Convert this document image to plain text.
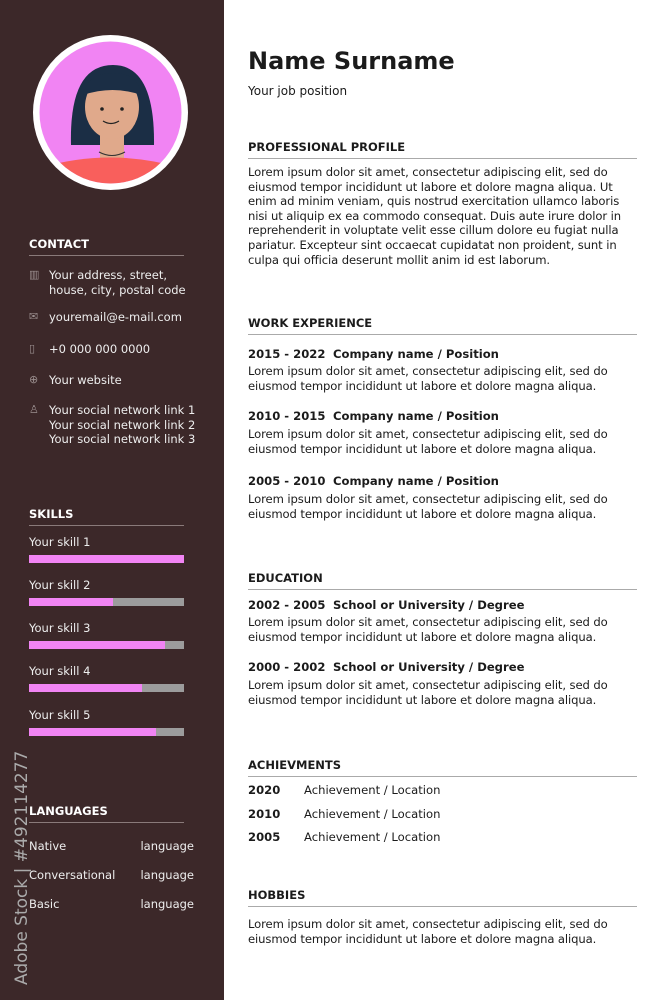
CONTACT
▥ Your address, street,
house, city, postal code
✉ youremail@e-mail.com
▯	+0 000 000 0000
⊕ Your website
♙ Your social network link 1
Your social network link 2
Your social network link 3
SKILLS
Your skill 1
Your skill 2
Your skill 3
Your skill 4
Your skill 5
LANGUAGES
Native	language
Conversational language
Basic	language
Adobe Stock | #492114277
Name Surname
Your job position
PROFESSIONAL PROFILE
Lorem ipsum dolor sit amet, consectetur adipiscing elit, sed do
eiusmod tempor incididunt ut labore et dolore magna aliqua. Ut
enim ad minim veniam, quis nostrud exercitation ullamco laboris
nisi ut aliquip ex ea commodo consequat. Duis aute irure dolor in
reprehenderit in voluptate velit esse cillum dolore eu fugiat nulla
pariatur. Excepteur sint occaecat cupidatat non proident, sunt in
culpa qui officia deserunt mollit anim id est laborum.
WORK EXPERIENCE
2015 - 2022 Company name / Position
Lorem ipsum dolor sit amet, consectetur adipiscing elit, sed do
eiusmod tempor incididunt ut labore et dolore magna aliqua.
2010 - 2015 Company name / Position
Lorem ipsum dolor sit amet, consectetur adipiscing elit, sed do
eiusmod tempor incididunt ut labore et dolore magna aliqua.
2005 - 2010 Company name / Position
Lorem ipsum dolor sit amet, consectetur adipiscing elit, sed do
eiusmod tempor incididunt ut labore et dolore magna aliqua.
EDUCATION
2002 - 2005 School or University / Degree
Lorem ipsum dolor sit amet, consectetur adipiscing elit, sed do
eiusmod tempor incididunt ut labore et dolore magna aliqua.
2000 - 2002 School or University / Degree
Lorem ipsum dolor sit amet, consectetur adipiscing elit, sed do
eiusmod tempor incididunt ut labore et dolore magna aliqua.
ACHIEVMENTS
2020	Achievement / Location
2010	Achievement / Location
2005	Achievement / Location
HOBBIES
Lorem ipsum dolor sit amet, consectetur adipiscing elit, sed do
eiusmod tempor incididunt ut labore et dolore magna aliqua.
